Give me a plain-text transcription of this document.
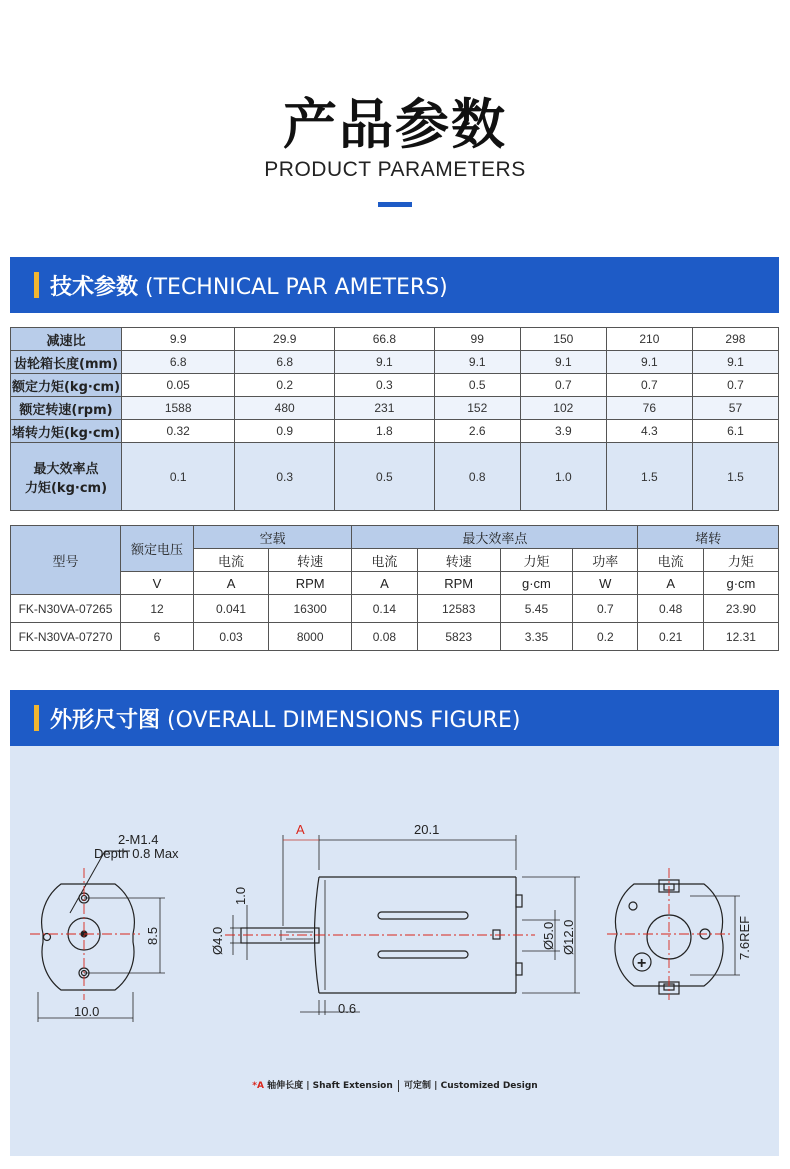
产品参数
PRODUCT PARAMETERS
技术参数 (TECHNICAL PAR AMETERS)
减速比	9.9	29.9	66.8	99	150	210	298
齿轮箱长度(mm)	6.8	6.8	9.1	9.1	9.1	9.1	9.1
额定力矩(kg·cm)	0.05	0.2	0.3	0.5	0.7	0.7	0.7
额定转速(rpm)	1588	480	231	152	102	76	57
堵转力矩(kg·cm)	0.32	0.9	1.8	2.6	3.9	4.3	6.1

最大效率点
力矩(kg·cm)	0.1	0.3	0.5	0.8	1.0	1.5	1.5
型号	额定电压	空载		最大效率点				堵转	
		电流	转速	电流	转速	力矩	功率	电流	力矩
	V	A	RPM	A	RPM	g·cm	W	A	g·cm
FK-N30VA-07265	12	0.041	16300	0.14	12583	5.45	0.7	0.48	23.90
FK-N30VA-07270	6	0.03	8000	0.08	5823	3.35	0.2	0.21	12.31
外形尺寸图 (OVERALL DIMENSIONS FIGURE)
2-M1.4
Depth 0.8 Max
8.5
10.0
A	20.1
1.0
Ø4.0
0.6
Ø5.0 Ø12.0	7.6REF
+
*A 轴伸长度 | Shaft Extension 可定制 | Customized Design
